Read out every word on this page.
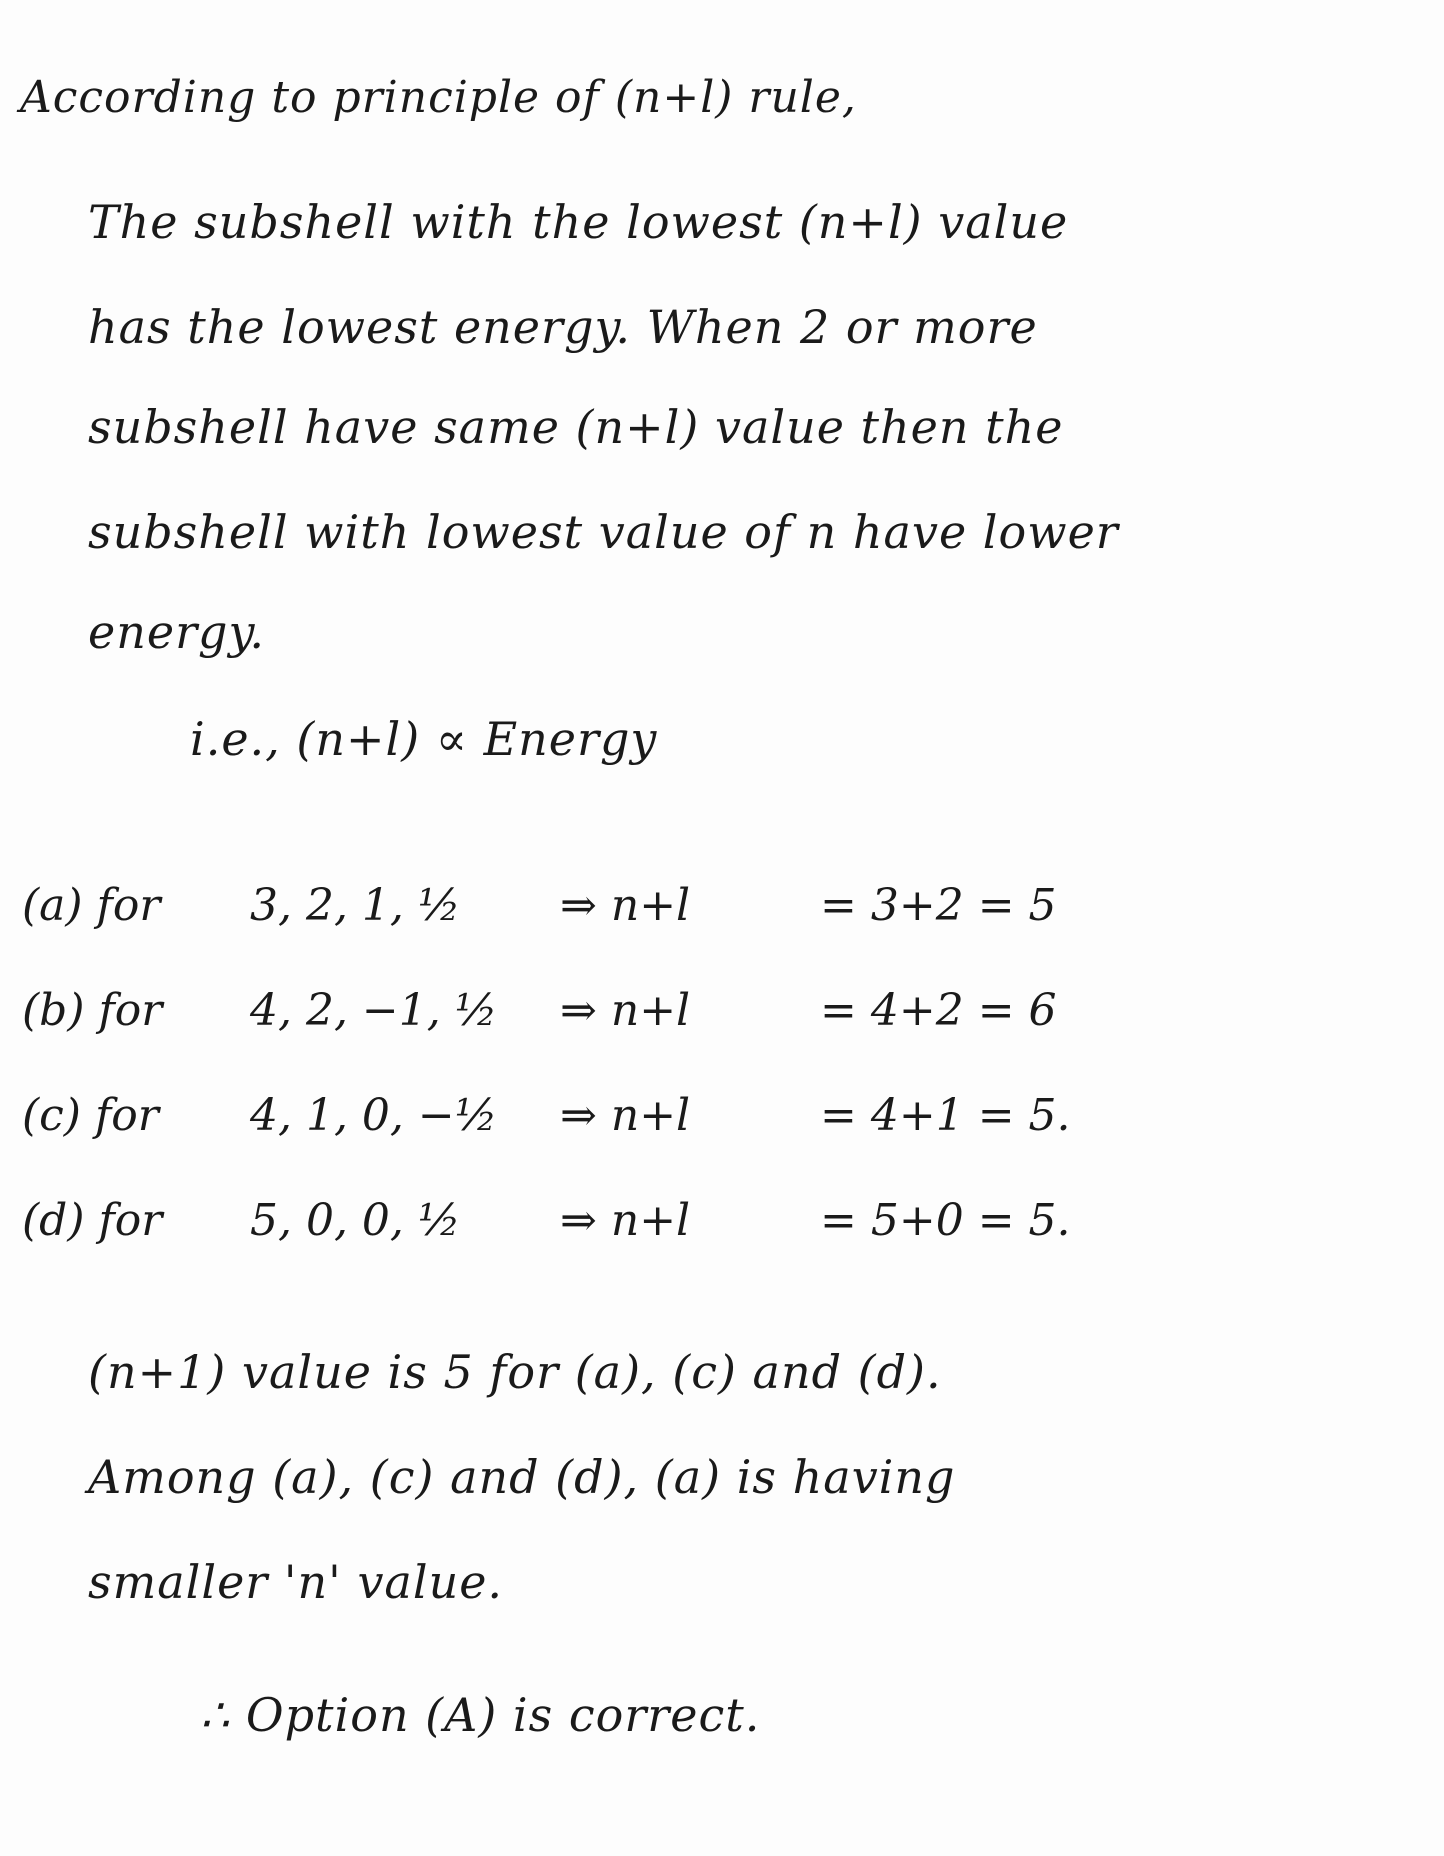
According to principle of (n+l) rule,
The subshell with the lowest (n+l) value
has the lowest energy. When 2 or more
subshell have same (n+l) value then the
subshell with lowest value of n have lower
energy.
i.e., (n+l) ∝ Energy
(a) for 3, 2, 1, ½ ⇒ n+l	= 3+2 = 5
(b) for 4, 2, −1, ½ ⇒ n+l	= 4+2 = 6
(c) for 4, 1, 0, −½ ⇒ n+l	= 4+1 = 5.
(d) for 5, 0, 0, ½ ⇒ n+l	= 5+0 = 5.
(n+1) value is 5 for (a), (c) and (d).
Among (a), (c) and (d), (a) is having
smaller 'n' value.
∴ Option (A) is correct.
